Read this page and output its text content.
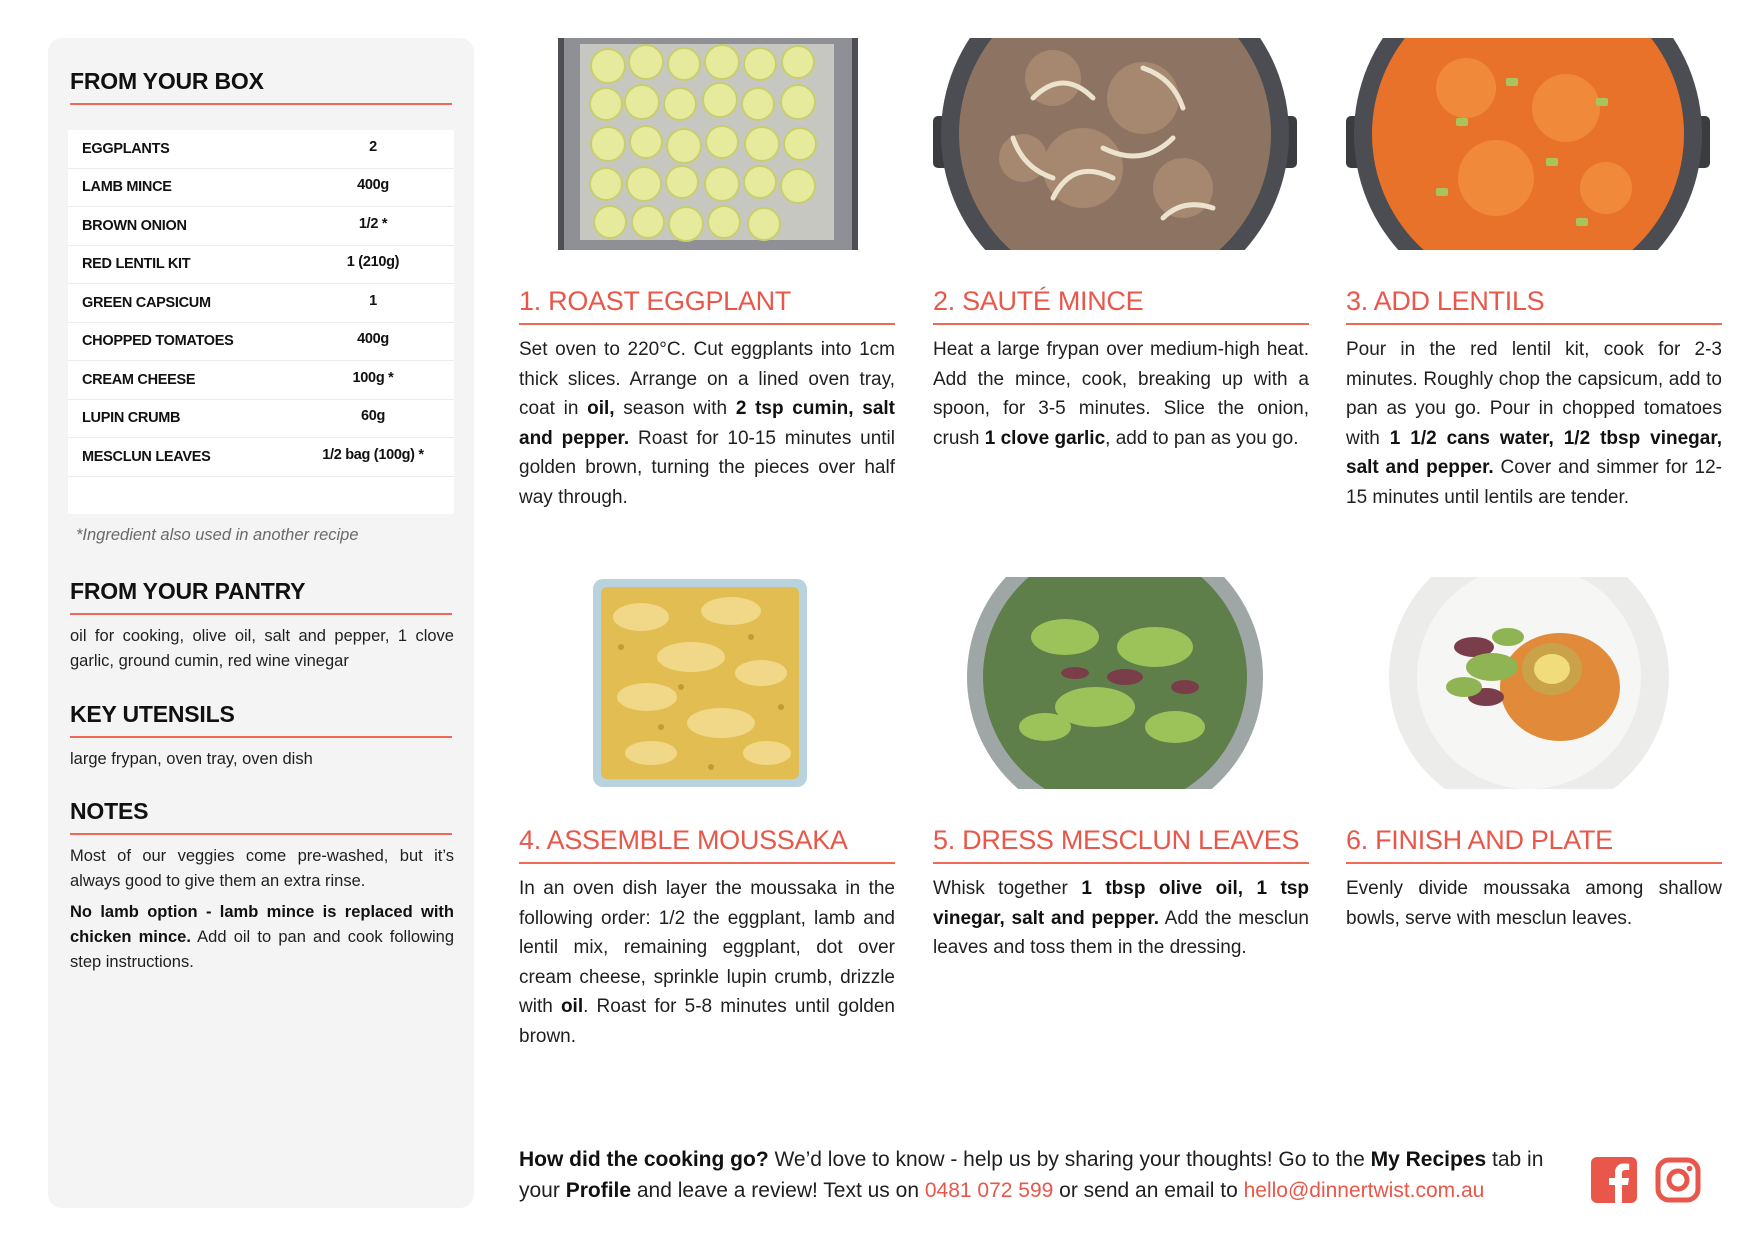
FROM YOUR BOX
EGGPLANTS	2
LAMB MINCE	400g
BROWN ONION	1/2 *
RED LENTIL KIT	1 (210g)
GREEN CAPSICUM	1
CHOPPED TOMATOES	400g
CREAM CHEESE	100g *
LUPIN CRUMB	60g
MESCLUN LEAVES	1/2 bag (100g) *
*Ingredient also used in another recipe
FROM YOUR PANTRY
oil for cooking, olive oil, salt and pepper, 1 clove garlic, ground cumin, red wine vinegar
KEY UTENSILS
large frypan, oven tray, oven dish
NOTES
Most of our veggies come pre-washed, but it’s always good to give them an extra rinse.
No lamb option - lamb mince is replaced with chicken mince. Add oil to pan and cook following step instructions.
1. ROAST EGGPLANT
Set oven to 220°C. Cut eggplants into 1cm thick slices. Arrange on a lined oven tray, coat in oil, season with 2 tsp cumin, salt and pepper. Roast for 10-15 minutes until golden brown, turning the pieces over half way through.
2. SAUTÉ MINCE
Heat a large frypan over medium-high heat. Add the mince, cook, breaking up with a spoon, for 3-5 minutes. Slice the onion, crush 1 clove garlic, add to pan as you go.
3. ADD LENTILS
Pour in the red lentil kit, cook for 2-3 minutes. Roughly chop the capsicum, add to pan as you go. Pour in chopped tomatoes with 1 1/2 cans water, 1/2 tbsp vinegar, salt and pepper. Cover and simmer for 12-15 minutes until lentils are tender.
4. ASSEMBLE MOUSSAKA
In an oven dish layer the moussaka in the following order: 1/2 the eggplant, lamb and lentil mix, remaining eggplant, dot over cream cheese, sprinkle lupin crumb, drizzle with oil. Roast for 5-8 minutes until golden brown.
5. DRESS MESCLUN LEAVES
Whisk together 1 tbsp olive oil, 1 tsp vinegar, salt and pepper. Add the mesclun leaves and toss them in the dressing.
6. FINISH AND PLATE
Evenly divide moussaka among shallow bowls, serve with mesclun leaves.
How did the cooking go? We’d love to know - help us by sharing your thoughts! Go to the My Recipes tab in your Profile and leave a review! Text us on 0481 072 599 or send an email to hello@dinnertwist.com.au
